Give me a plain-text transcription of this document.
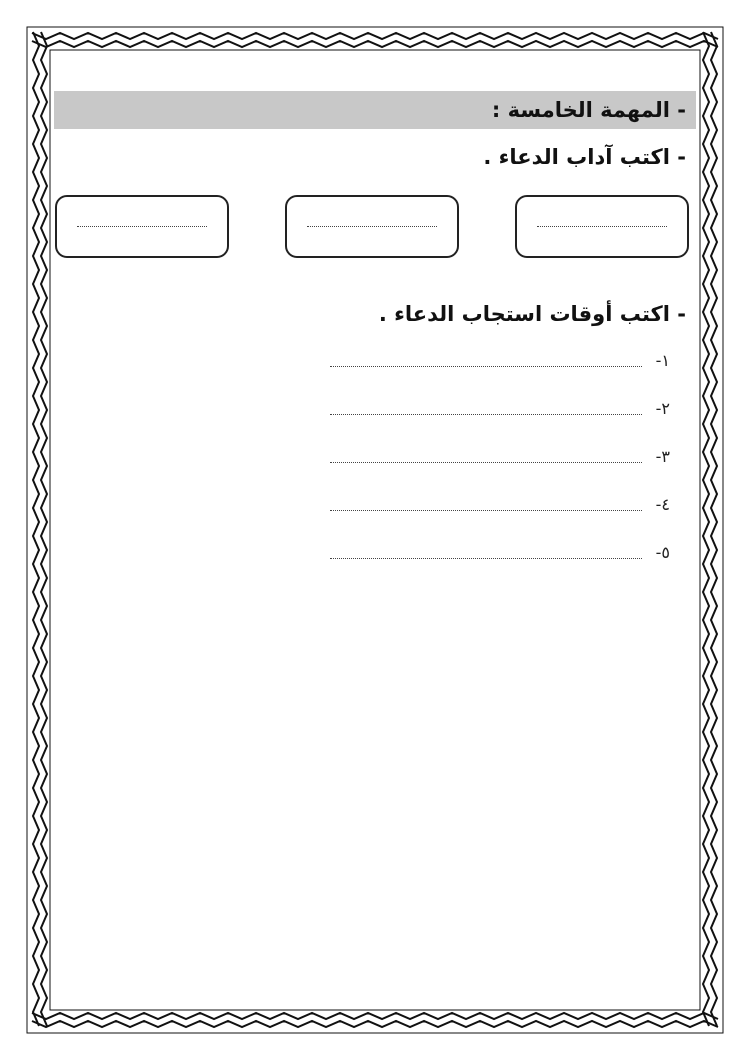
- المهمة الخامسة :
- اكتب آداب الدعاء .
- اكتب أوقات استجاب الدعاء .
١-
٢-
٣-
٤-
٥-
